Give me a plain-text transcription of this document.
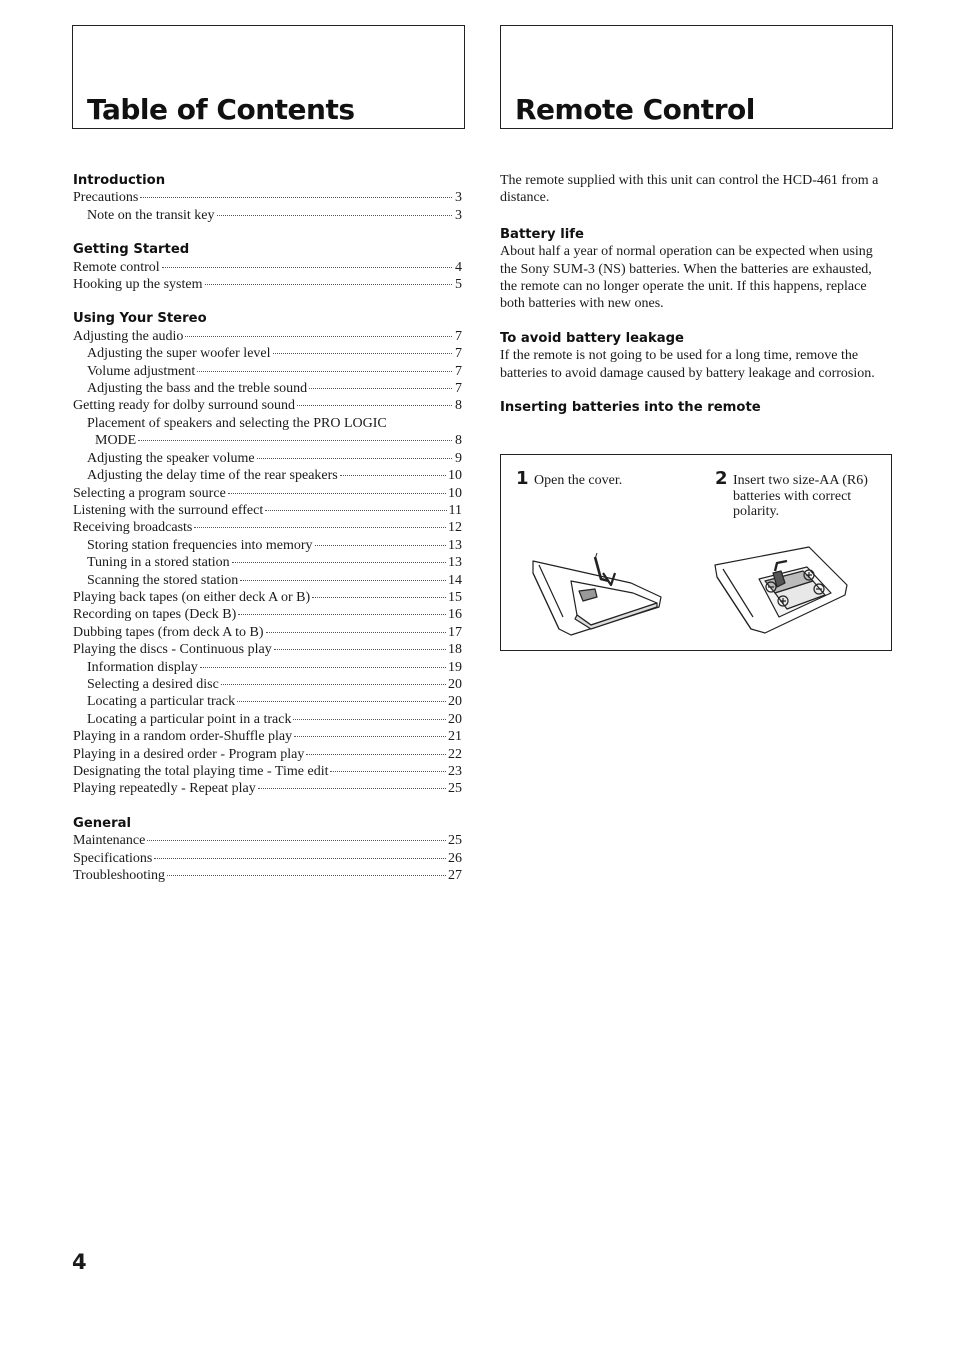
Table of Contents	Remote Control

Introduction

Precautions	3
Note on the transit key	3

Getting Started

Remote control	4
Hooking up the system	5

Using Your Stereo

Adjusting the audio	7
Adjusting the super woofer level	7
Volume adjustment	7
Adjusting the bass and the treble sound	7
Getting ready for dolby surround sound	8
Placement of speakers and selecting the PRO LOGIC
MODE	8
Adjusting the speaker volume	9
Adjusting the delay time of the rear speakers	10
Selecting a program source	10
Listening with the surround effect	11
Receiving broadcasts	12
Storing station frequencies into memory	13
Tuning in a stored station	13
Scanning the stored station	14
Playing back tapes (on either deck A or B)	15
Recording on tapes (Deck B)	16
Dubbing tapes (from deck A to B)	17
Playing the discs - Continuous play	18
Information display	19
Selecting a desired disc	20
Locating a particular track	20
Locating a particular point in a track	20
Playing in a random order-Shuffle play	21
Playing in a desired order - Program play	22
Designating the total playing time - Time edit	23
Playing repeatedly - Repeat play	25

General

Maintenance	25
Specifications	26
Troubleshooting	27

The remote supplied with this unit can control the HCD-461 from a distance.

Battery life

About half a year of normal operation can be expected when using the Sony SUM-3 (NS) batteries. When the batteries are exhausted, the remote can no longer operate the unit. If this happens, replace both batteries with new ones.

To avoid battery leakage

If the remote is not going to be used for a long time, remove the batteries to avoid damage caused by battery leakage and corrosion.

Inserting batteries into the remote

1 Open the cover.	2 Insert two size-AA (R6) batteries with correct polarity.
4
